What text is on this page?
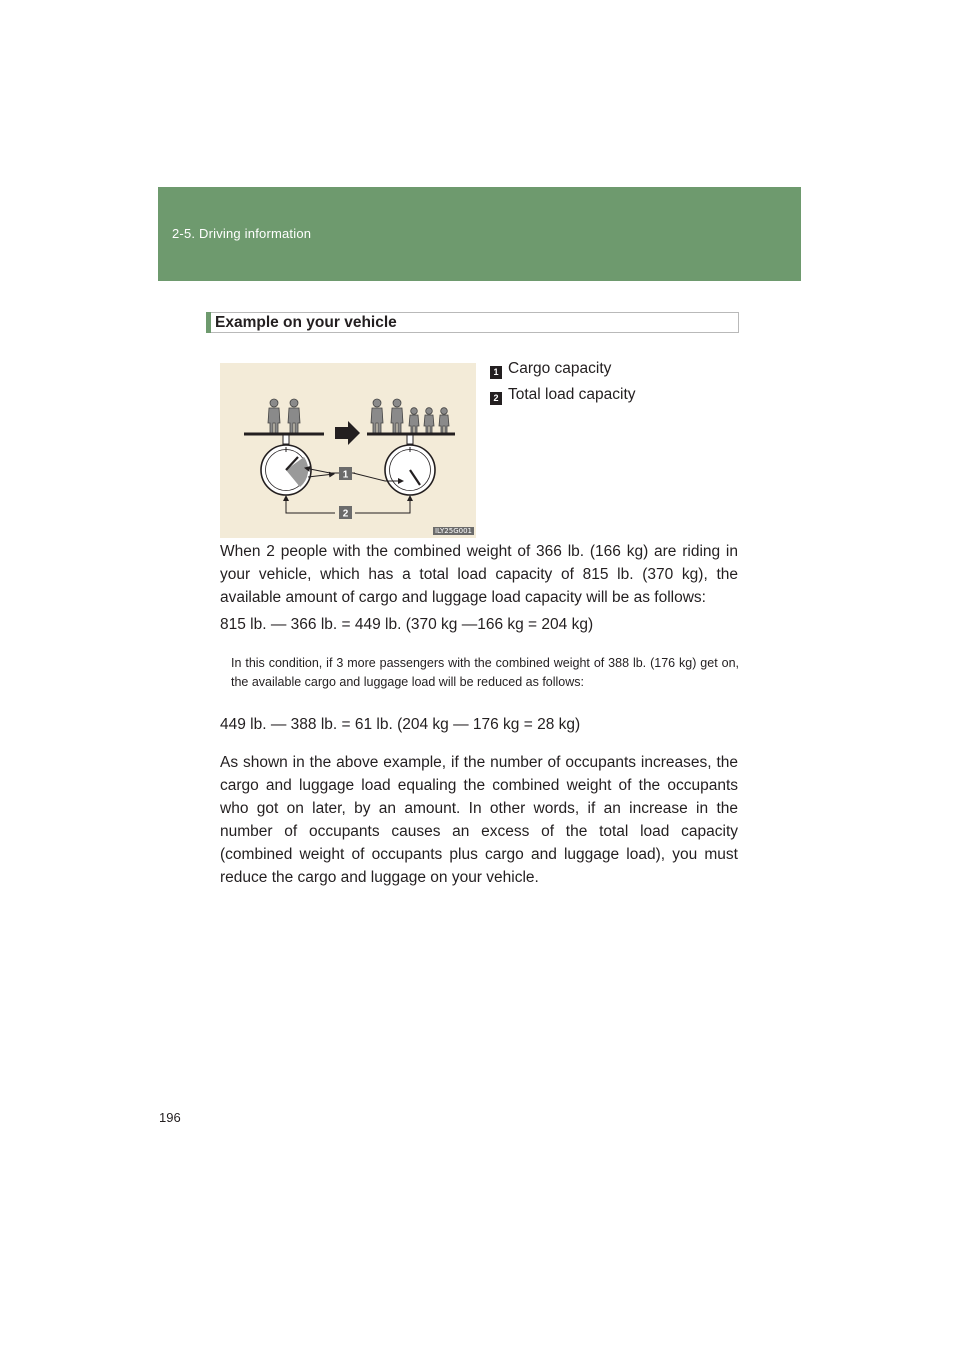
2-5. Driving information
Example on your vehicle
1
2
ILY25G001
1 Cargo capacity
2 Total load capacity

When 2 people with the combined weight of 366 lb. (166 kg) are riding in your vehicle, which has a total load capacity of 815 lb. (370 kg), the available amount of cargo and luggage load capacity will be as follows:

815 lb. — 366 lb. = 449 lb. (370 kg —166 kg = 204 kg)

In this condition, if 3 more passengers with the combined weight of 388 lb. (176 kg) get on, the available cargo and luggage load will be reduced as follows:

449 lb. — 388 lb. = 61 lb. (204 kg — 176 kg = 28 kg)

As shown in the above example, if the number of occupants increases, the cargo and luggage load equaling the combined weight of the occupants who got on later, by an amount. In other words, if an increase in the number of occupants causes an excess of the total load capacity (combined weight of occupants plus cargo and luggage load), you must reduce the cargo and luggage on your vehicle.

196
